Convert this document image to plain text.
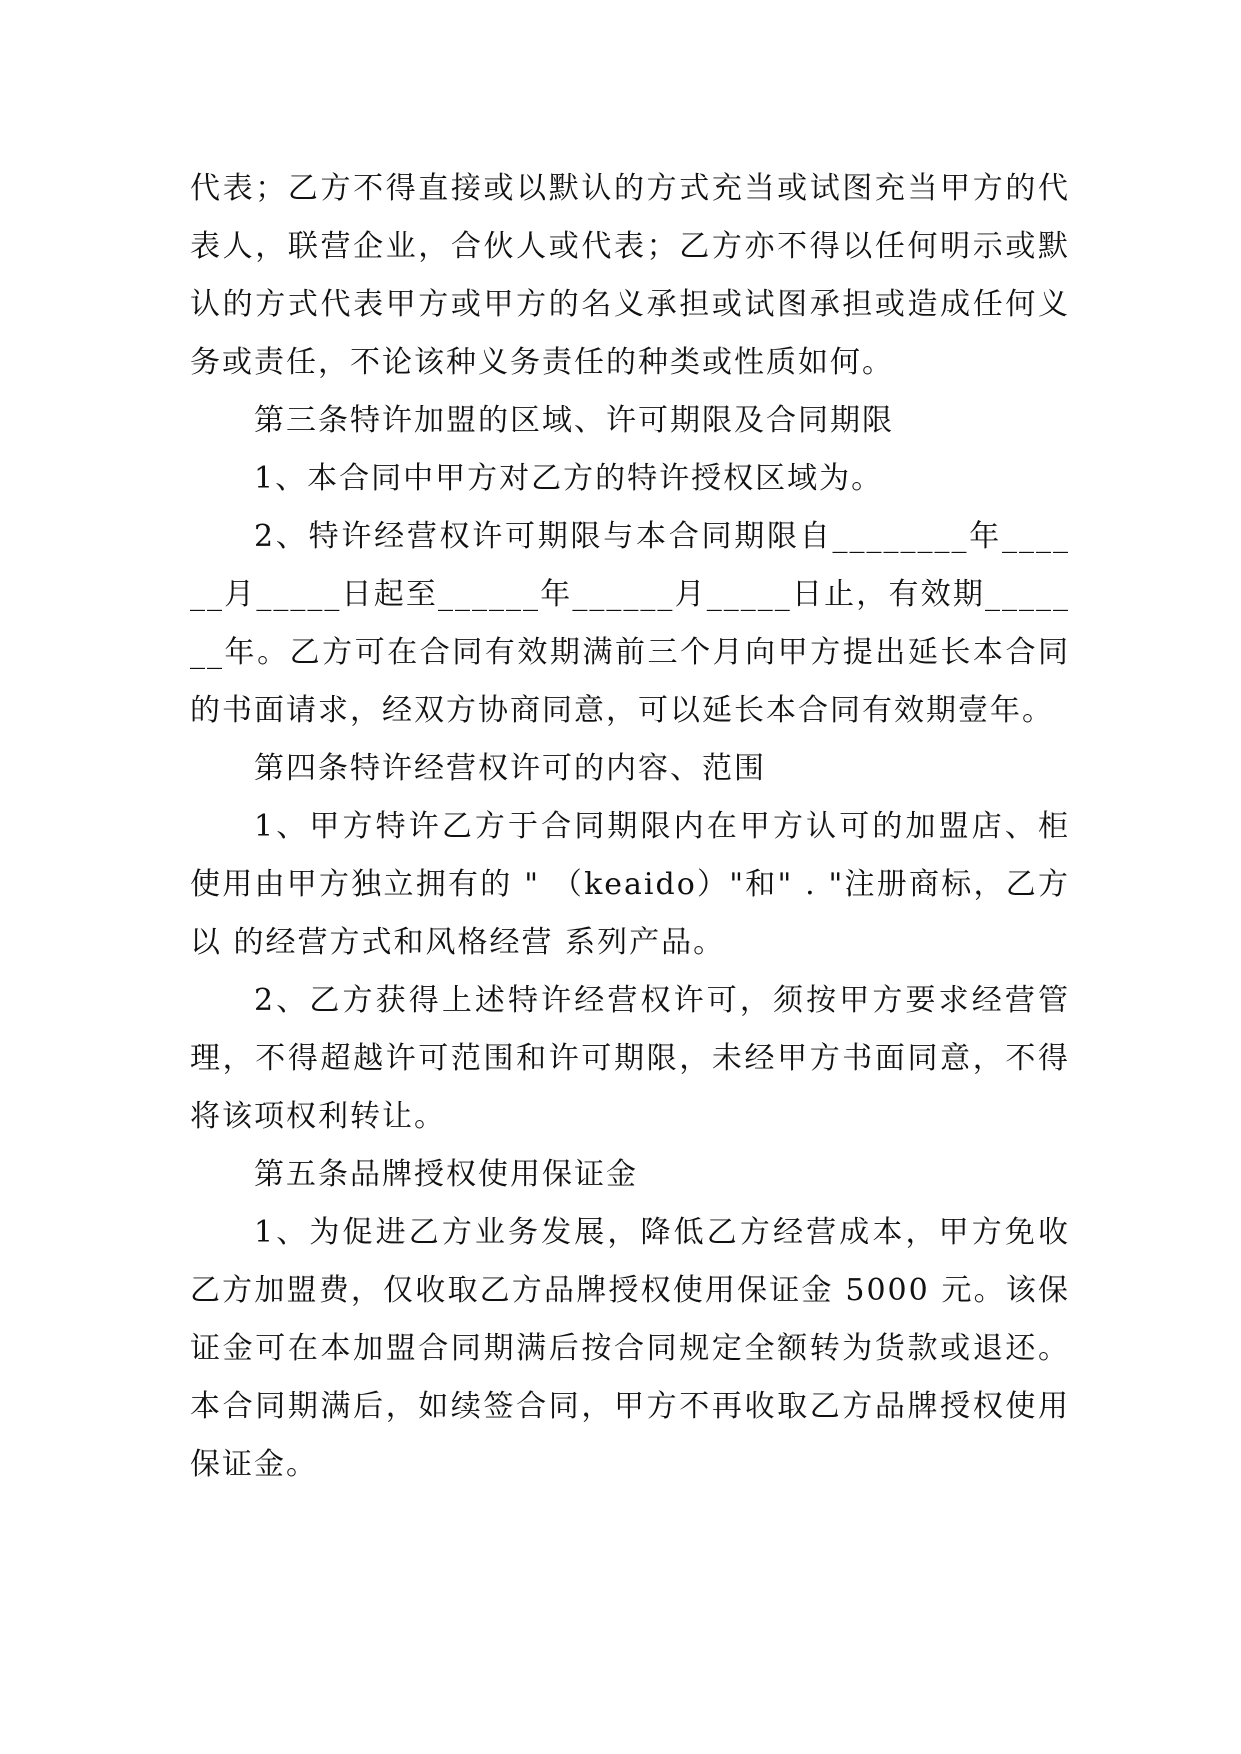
代表；乙方不得直接或以默认的方式充当或试图充当甲方的代表人，联营企业，合伙人或代表；乙方亦不得以任何明示或默认的方式代表甲方或甲方的名义承担或试图承担或造成任何义务或责任，不论该种义务责任的种类或性质如何。

第三条特许加盟的区域、许可期限及合同期限

1、本合同中甲方对乙方的特许授权区域为。

2、特许经营权许可期限与本合同期限自________年______月_____日起至______年______月_____日止，有效期_______年。乙方可在合同有效期满前三个月向甲方提出延长本合同的书面请求，经双方协商同意，可以延长本合同有效期壹年。

第四条特许经营权许可的内容、范围

1、甲方特许乙方于合同期限内在甲方认可的加盟店、柜使用由甲方独立拥有的 " （keaido）"和" . "注册商标，乙方以 的经营方式和风格经营 系列产品。

2、乙方获得上述特许经营权许可，须按甲方要求经营管理，不得超越许可范围和许可期限，未经甲方书面同意，不得将该项权利转让。

第五条品牌授权使用保证金

1、为促进乙方业务发展，降低乙方经营成本，甲方免收乙方加盟费，仅收取乙方品牌授权使用保证金 5000 元。该保证金可在本加盟合同期满后按合同规定全额转为货款或退还。本合同期满后，如续签合同，甲方不再收取乙方品牌授权使用保证金。
